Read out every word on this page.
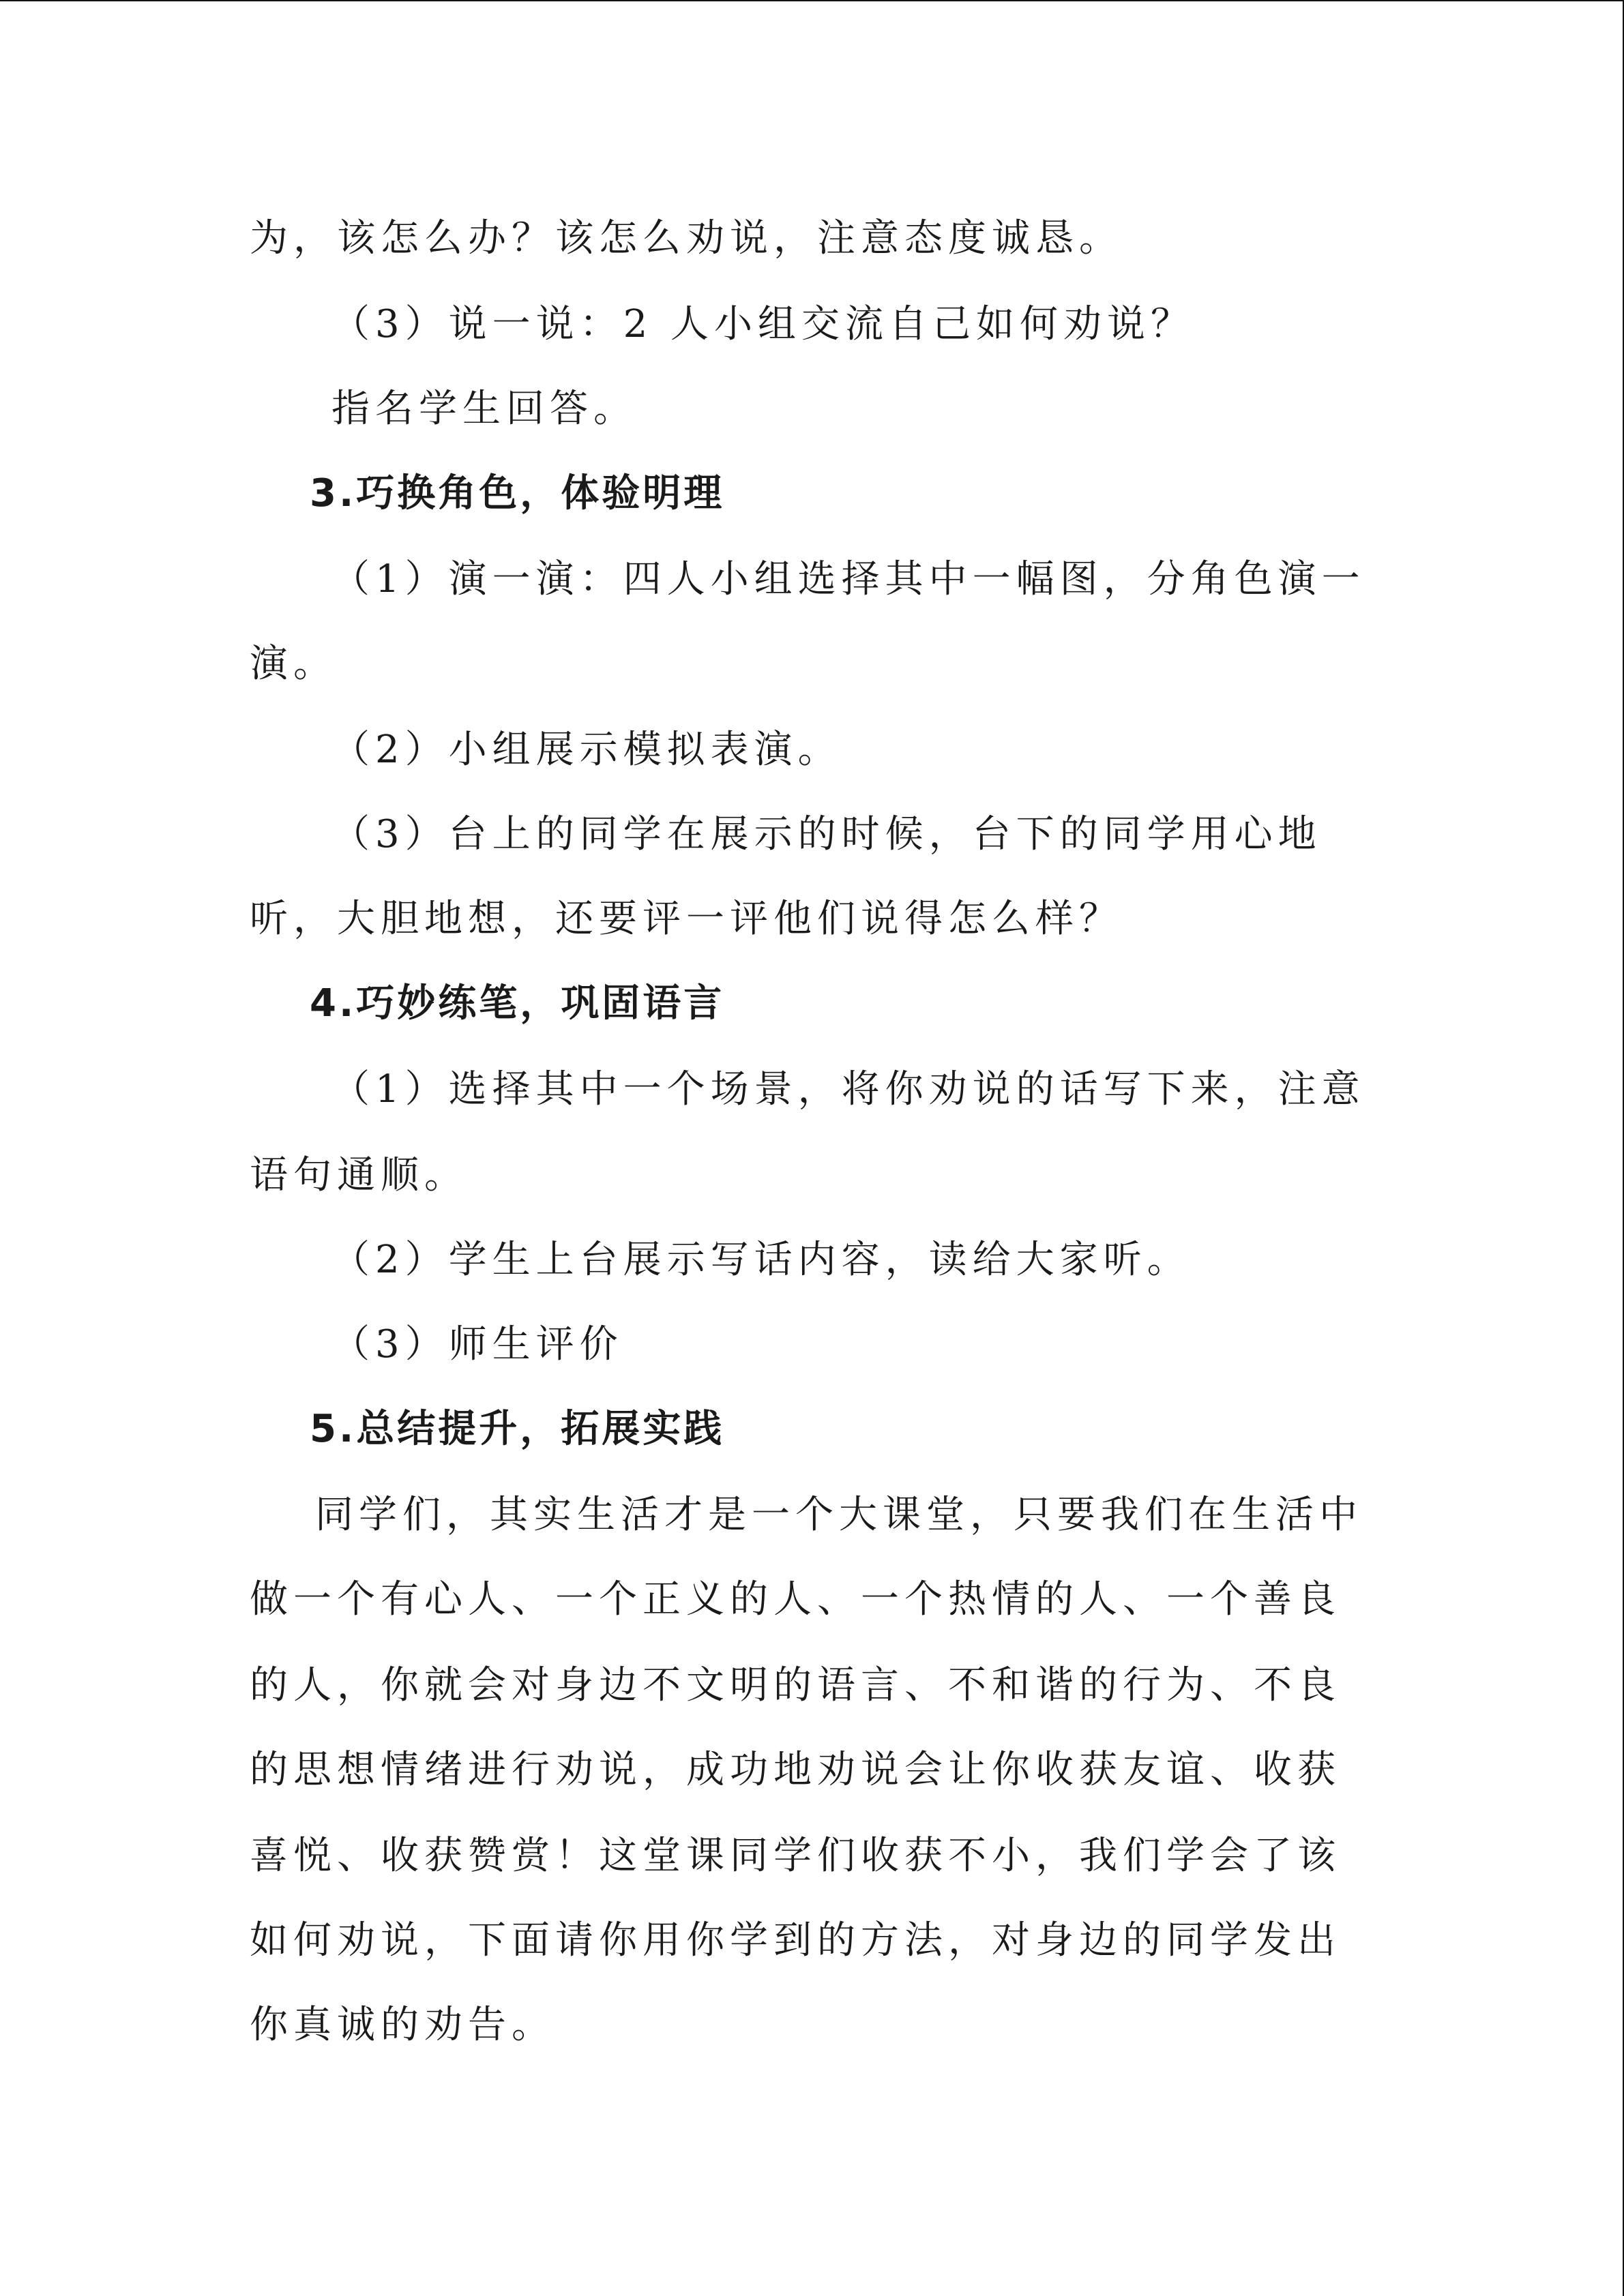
为，该怎么办？该怎么劝说，注意态度诚恳。
（3）说一说：2 人小组交流自己如何劝说？
指名学生回答。
3.巧换角色，体验明理
（1）演一演：四人小组选择其中一幅图，分角色演一
演。
（2）小组展示模拟表演。
（3）台上的同学在展示的时候，台下的同学用心地
听，大胆地想，还要评一评他们说得怎么样？
4.巧妙练笔，巩固语言
（1）选择其中一个场景，将你劝说的话写下来，注意
语句通顺。
（2）学生上台展示写话内容，读给大家听。
（3）师生评价
5.总结提升，拓展实践
同学们，其实生活才是一个大课堂，只要我们在生活中
做一个有心人、一个正义的人、一个热情的人、一个善良
的人，你就会对身边不文明的语言、不和谐的行为、不良
的思想情绪进行劝说，成功地劝说会让你收获友谊、收获
喜悦、收获赞赏！这堂课同学们收获不小，我们学会了该
如何劝说，下面请你用你学到的方法，对身边的同学发出
你真诚的劝告。
